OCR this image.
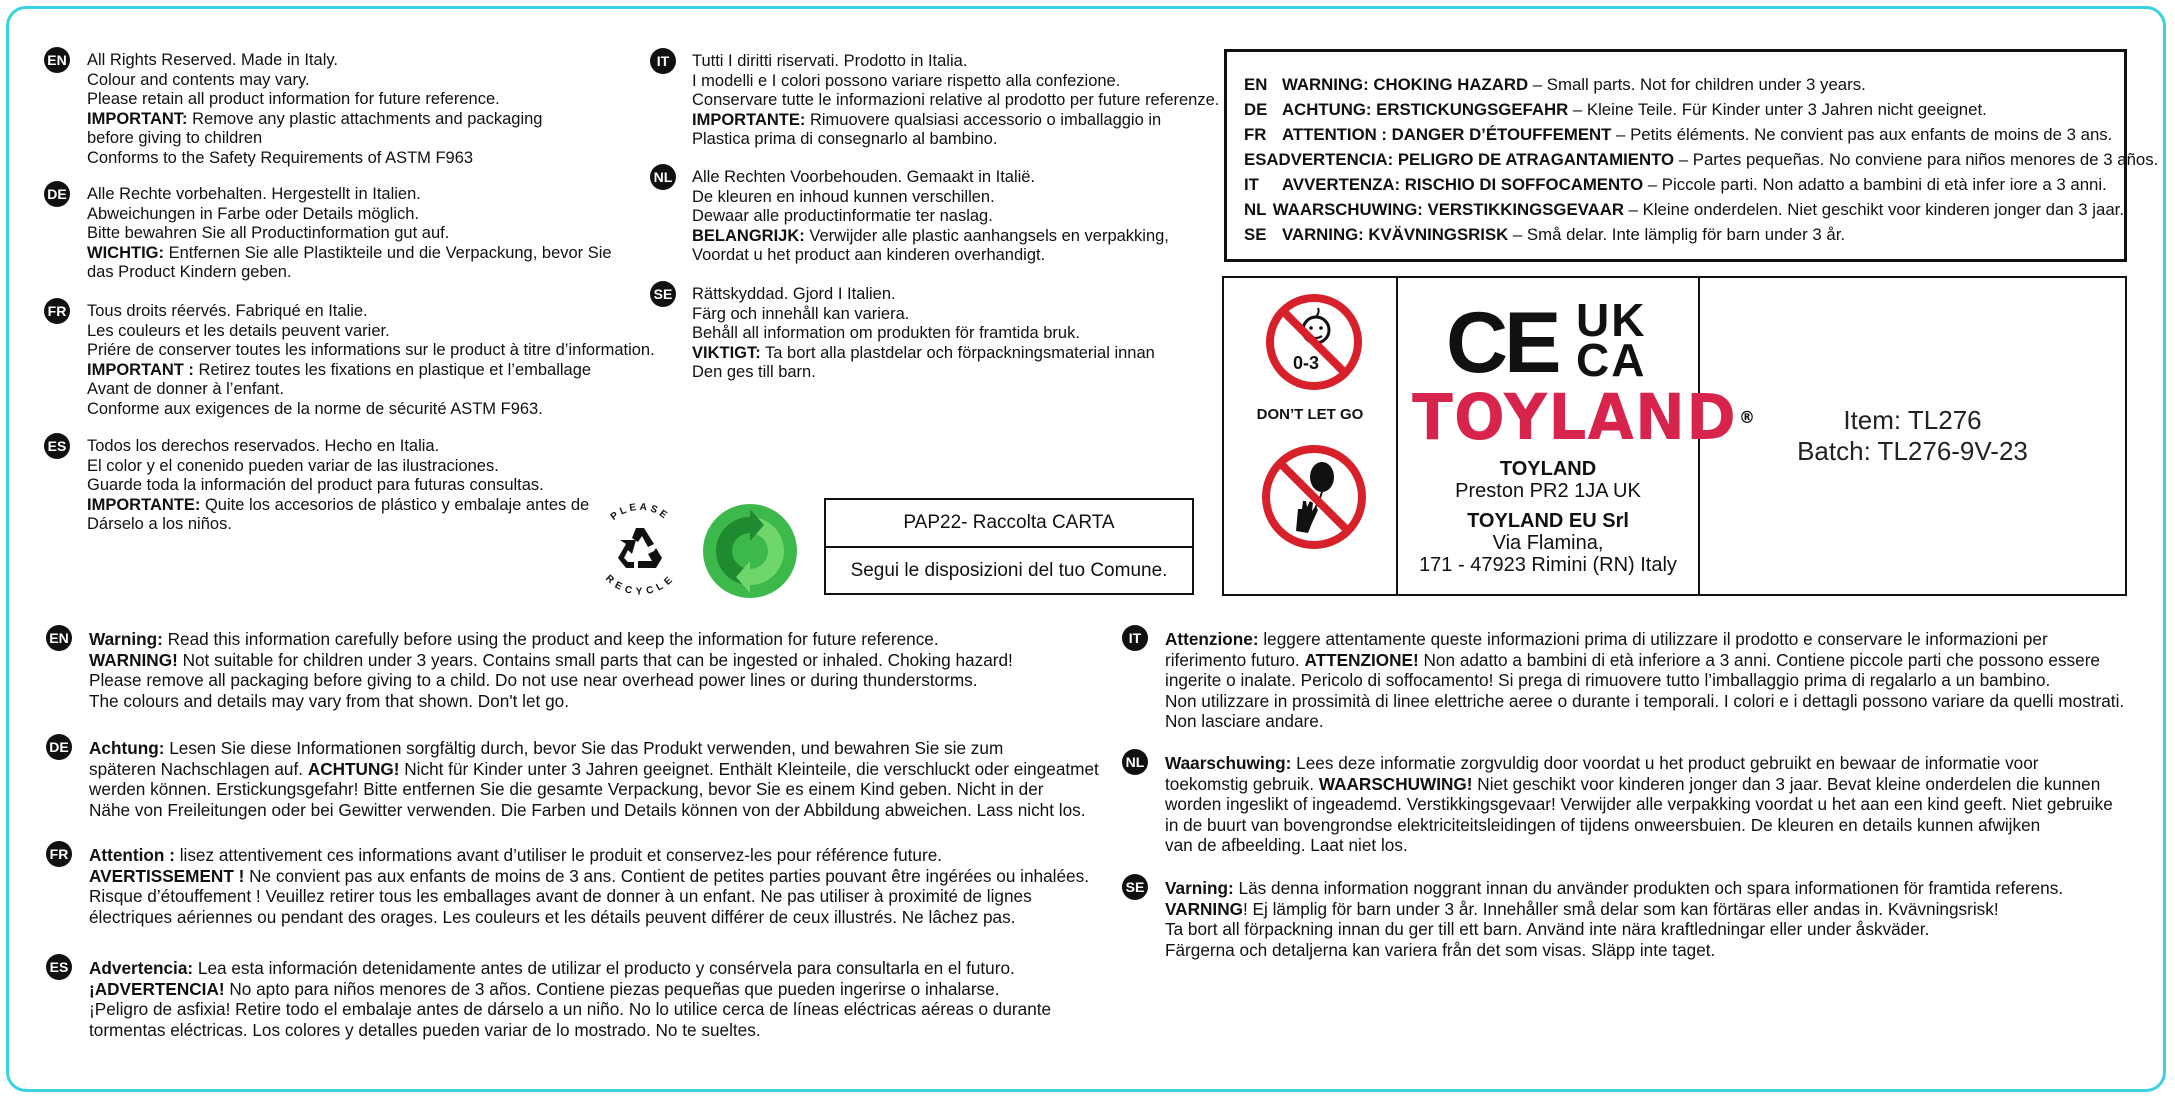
EN All Rights Reserved. Made in Italy.
Colour and contents may vary.
Please retain all product information for future reference.
IMPORTANT: Remove any plastic attachments and packaging
before giving to children
Conforms to the Safety Requirements of ASTM F963
DE Alle Rechte vorbehalten. Hergestellt in Italien.
Abweichungen in Farbe oder Details möglich.
Bitte bewahren Sie all Productinformation gut auf.
WICHTIG: Entfernen Sie alle Plastikteile und die Verpackung, bevor Sie
das Product Kindern geben.
FR Tous droits réervés. Fabriqué en Italie.
Les couleurs et les details peuvent varier.
Priére de conserver toutes les informations sur le product à titre d’information.
IMPORTANT : Retirez toutes les fixations en plastique et l’emballage
Avant de donner à l’enfant.
Conforme aux exigences de la norme de sécurité ASTM F963.
ES Todos los derechos reservados. Hecho en Italia.
El color y el conenido pueden variar de las ilustraciones.
Guarde toda la información del product para futuras consultas.
IMPORTANTE: Quite los accesorios de plástico y embalaje antes de
Dárselo a los niños.
IT	Tutti I diritti riservati. Prodotto in Italia.
I modelli e I colori possono variare rispetto alla confezione.
Conservare tutte le informazioni relative al prodotto per future referenze.
IMPORTANTE: Rimuovere qualsiasi accessorio o imballaggio in
Plastica prima di consegnarlo al bambino.
NL Alle Rechten Voorbehouden. Gemaakt in Italië.
De kleuren en inhoud kunnen verschillen.
Dewaar alle productinformatie ter naslag.
BELANGRIJK: Verwijder alle plastic aanhangsels en verpakking,
Voordat u het product aan kinderen overhandigt.
SE Rättskyddad. Gjord I Italien.
Färg och innehåll kan variera.
Behåll all information om produkten för framtida bruk.
VIKTIGT: Ta bort alla plastdelar och förpackningsmaterial innan
Den ges till barn.
EN WARNING: CHOKING HAZARD – Small parts. Not for children under 3 years.
DE ACHTUNG: ERSTICKUNGSGEFAHR – Kleine Teile. Für Kinder unter 3 Jahren nicht geeignet.
FR ATTENTION : DANGER D’ÉTOUFFEMENT – Petits éléments. Ne convient pas aux enfants de moins de 3 ans.
ES ADVERTENCIA: PELIGRO DE ATRAGANTAMIENTO – Partes pequeñas. No conviene para niños menores de 3 años.
IT	AVVERTENZA: RISCHIO DI SOFFOCAMENTO – Piccole parti. Non adatto a bambini di età infer iore a 3 anni.
NL WAARSCHUWING: VERSTIKKINGSGEVAAR – Kleine onderdelen. Niet geschikt voor kinderen jonger dan 3 jaar.
SE VARNING: KVÄVNINGSRISK – Små delar. Inte lämplig för barn under 3 år.
PLEASE
RECYCLE
PAP22- Raccolta CARTA
Segui le disposizioni del tuo Comune.
0-3
DON’T LET GO
CE UK
CA
TOYLAND ®
TOYLAND
Preston PR2 1JA UK
TOYLAND EU Srl
Via Flamina,
171 - 47923 Rimini (RN) Italy
Item: TL276
Batch: TL276-9V-23
EN Warning: Read this information carefully before using the product and keep the information for future reference.
WARNING! Not suitable for children under 3 years. Contains small parts that can be ingested or inhaled. Choking hazard!
Please remove all packaging before giving to a child. Do not use near overhead power lines or during thunderstorms.
The colours and details may vary from that shown. Don't let go.
DE Achtung: Lesen Sie diese Informationen sorgfältig durch, bevor Sie das Produkt verwenden, und bewahren Sie sie zum
späteren Nachschlagen auf. ACHTUNG! Nicht für Kinder unter 3 Jahren geeignet. Enthält Kleinteile, die verschluckt oder eingeatmet
werden können. Erstickungsgefahr! Bitte entfernen Sie die gesamte Verpackung, bevor Sie es einem Kind geben. Nicht in der
Nähe von Freileitungen oder bei Gewitter verwenden. Die Farben und Details können von der Abbildung abweichen. Lass nicht los.
FR Attention : lisez attentivement ces informations avant d’utiliser le produit et conservez-les pour référence future.
AVERTISSEMENT ! Ne convient pas aux enfants de moins de 3 ans. Contient de petites parties pouvant être ingérées ou inhalées.
Risque d’étouffement ! Veuillez retirer tous les emballages avant de donner à un enfant. Ne pas utiliser à proximité de lignes
électriques aériennes ou pendant des orages. Les couleurs et les détails peuvent différer de ceux illustrés. Ne lâchez pas.
ES Advertencia: Lea esta información detenidamente antes de utilizar el producto y consérvela para consultarla en el futuro.
¡ADVERTENCIA! No apto para niños menores de 3 años. Contiene piezas pequeñas que pueden ingerirse o inhalarse.
¡Peligro de asfixia! Retire todo el embalaje antes de dárselo a un niño. No lo utilice cerca de líneas eléctricas aéreas o durante
tormentas eléctricas. Los colores y detalles pueden variar de lo mostrado. No te sueltes.
IT	Attenzione: leggere attentamente queste informazioni prima di utilizzare il prodotto e conservare le informazioni per
riferimento futuro. ATTENZIONE! Non adatto a bambini di età inferiore a 3 anni. Contiene piccole parti che possono essere
ingerite o inalate. Pericolo di soffocamento! Si prega di rimuovere tutto l’imballaggio prima di regalarlo a un bambino.
Non utilizzare in prossimità di linee elettriche aeree o durante i temporali. I colori e i dettagli possono variare da quelli mostrati.
Non lasciare andare.
NL Waarschuwing: Lees deze informatie zorgvuldig door voordat u het product gebruikt en bewaar de informatie voor
toekomstig gebruik. WAARSCHUWING! Niet geschikt voor kinderen jonger dan 3 jaar. Bevat kleine onderdelen die kunnen
worden ingeslikt of ingeademd. Verstikkingsgevaar! Verwijder alle verpakking voordat u het aan een kind geeft. Niet gebruike
in de buurt van bovengrondse elektriciteitsleidingen of tijdens onweersbuien. De kleuren en details kunnen afwijken
van de afbeelding. Laat niet los.
SE Varning: Läs denna information noggrant innan du använder produkten och spara informationen för framtida referens.
VARNING! Ej lämplig för barn under 3 år. Innehåller små delar som kan förtäras eller andas in. Kvävningsrisk!
Ta bort all förpackning innan du ger till ett barn. Använd inte nära kraftledningar eller under åskväder.
Färgerna och detaljerna kan variera från det som visas. Släpp inte taget.
